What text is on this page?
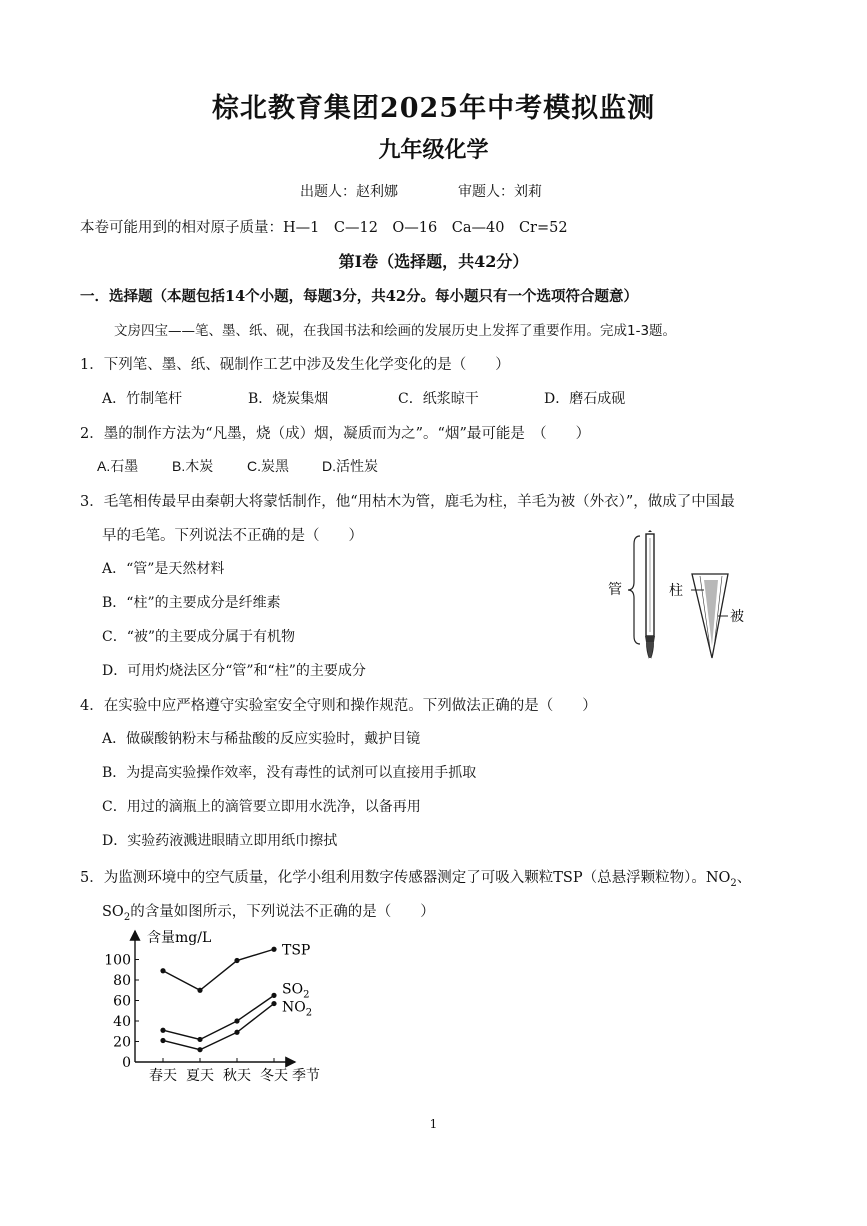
棕北教育集团2025年中考模拟监测
九年级化学
出题人：赵利娜	审题人：刘莉
本卷可能用到的相对原子质量：H—1　C—12　O—16　Ca—40　Cr=52
第Ⅰ卷（选择题，共42分）
一．选择题（本题包括14个小题，每题3分，共42分。每小题只有一个选项符合题意）
文房四宝——笔、墨、纸、砚，在我国书法和绘画的发展历史上发挥了重要作用。完成1-3题。
1．下列笔、墨、纸、砚制作工艺中涉及发生化学变化的是（　　）
A．竹制笔杆	B．烧炭集烟	C．纸浆晾干	D．磨石成砚
2．墨的制作方法为“凡墨，烧（成）烟，凝质而为之”。“烟”最可能是　（　　）
A.石墨 B.木炭 C.炭黑 D.活性炭
3．毛笔相传最早由秦朝大将蒙恬制作，他“用枯木为管，鹿毛为柱，羊毛为被（外衣）”，做成了中国最
早的毛笔。下列说法不正确的是（　　）
A．“管”是天然材料
B．“柱”的主要成分是纤维素
C．“被”的主要成分属于有机物
D．可用灼烧法区分“管”和“柱”的主要成分
管	柱
被
4．在实验中应严格遵守实验室安全守则和操作规范。下列做法正确的是（　　）
A．做碳酸钠粉末与稀盐酸的反应实验时，戴护目镜
B．为提高实验操作效率，没有毒性的试剂可以直接用手抓取
C．用过的滴瓶上的滴管要立即用水洗净，以备再用
D．实验药液溅进眼睛立即用纸巾擦拭
5．为监测环境中的空气质量，化学小组利用数字传感器测定了可吸入颗粒TSP（总悬浮颗粒物）。$NO_2$、
$SO_2$的含量如图所示，下列说法不正确的是（　　）
含量mg/L
季节
0
20
40
60
80
100
春天 夏天 秋天 冬天
TSP
$SO_2$
$NO_2$
1
